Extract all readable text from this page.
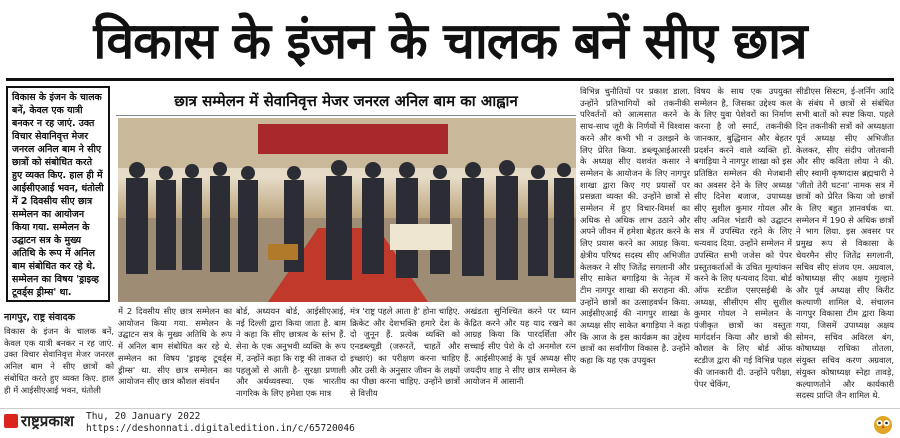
विकास के इंजन के चालक बनें सीए छात्र
विकास के इंजन के चालक बनें, केवल एक यात्री बनकर न रह जाएं. उक्त विचार सेवानिवृत्त मेजर जनरल अनिल बाम ने सीए छात्रों को संबोधित करते हुए व्यक्त किए. हाल ही में आईसीएआई भवन, धंतोली में 2 दिवसीय सीए छात्र सम्मेलन का आयोजन किया गया. सम्मेलन के उद्घाटन सत्र के मुख्य अतिथि के रूप में अनिल बाम संबोधित कर रहे थे. सम्मेलन का विषय 'ड्राइव्ह टूवर्ड्स ड्रीम्स' था.
छात्र सम्मेलन में सेवानिवृत्त मेजर जनरल अनिल बाम का आह्वान
नागपुर, राष्ट्र संवादक
विकास के इंजन के चालक बनें, केवल एक यात्री बनकर न रह जाएं. उक्त विचार सेवानिवृत्त मेजर जनरल अनिल बाम ने सीए छात्रों को संबोधित करते हुए व्यक्त किए. हाल ही में आईसीएआई भवन, धंतोली
में 2 दिवसीय सीए छात्र सम्मेलन का आयोजन किया गया. सम्मेलन के उद्घाटन सत्र के मुख्य अतिथि के रूप में अनिल बाम संबोधित कर रहे थे. सम्मेलन का विषय 'ड्राइव्ह टूवर्ड्स ड्रीम्स' था. सीए छात्र सम्मेलन का आयोजन सीए छात्र कौशल संवर्धन
बोर्ड, अध्ययन बोर्ड, आईसीएआई, नई दिल्ली द्वारा किया जाता है. बाम ने कहा कि सीए छात्रत्व के स्तंभ हैं. सेना के एक अनुभवी व्यक्ति के रूप में, उन्होंने कहा कि राष्ट्र की ताकत दो पहलुओं से आती है- सुरक्षा प्रणाली और अर्थव्यवस्था. एक भारतीय नागरिक के लिए हमेशा एक मात्र
मंत्र 'राष्ट्र पहले आता है' होना चाहिए. क्रिकेट और देशभक्ति हमारे देश के दो जुनून हैं. प्रत्येक व्यक्ति को एनडब्ल्यूडी (जरूरतें, चाहतें और इच्छाएं) का परीक्षण करना चाहिए और उसी के अनुसार जीवन के लक्ष्यों का पीछा करना चाहिए. उन्होंने छात्रों से वित्तीय
अखंडता सुनिश्चित करने पर ध्यान केंद्रित करने और यह याद रखने का आग्रह किया कि पारदर्शिता और सच्चाई सीए पेशे के दो अनमोल रत्न हैं. आईसीएआई के पूर्व अध्यक्ष सीए जयदीप शाह ने सीए छात्र सम्मेलन के आयोजन में आसानी
विभिन्न चुनौतियों पर प्रकाश डाला. उन्होंने प्रतिभागियों को तकनीकी परिवर्तनों को आत्मसात करने के साथ-साथ जूरी के निर्णयों में विश्वास करने और कभी भी न उलझने के लिए प्रेरित किया. डब्ल्यूआईआरसी के अध्यक्ष सीए यशवंत कसार ने सम्मेलन के आयोजन के लिए नागपुर शाखा द्वारा किए गए प्रयासों पर प्रसन्नता व्यक्त की. उन्होंने छात्रों से सम्मेलन में हुए विचार-विमर्श का अधिक से अधिक लाभ उठाने और अपने जीवन में हमेशा बेहतर करने के लिए प्रयास करने का आग्रह किया. क्षेत्रीय परिषद सदस्य सीए अभिजीत केलकर ने सीए जितेंद्र सगलानी और सीए साकेत बगाड़िया के नेतृत्व में टीम नागपुर शाखा की सराहना की. उन्होंने छात्रों का उत्साहवर्धन किया. आईसीएआई की नागपुर शाखा के अध्यक्ष सीए साकेत बगाड़िया ने कहा कि आज के इस कार्यक्रम का उद्देश्य छात्रों का सर्वांगीण विकास है. उन्होंने कहा कि यह एक उपयुक्त
विषय के साथ एक उपयुक्त सम्मेलन है, जिसका उद्देश्य कल के लिए युवा पेशेवरों का निर्माण करना है जो स्मार्ट, तकनीकी जानकार, बुद्धिमान और बेहतर प्रदर्शन करने वाले व्यक्ति हों. बगाड़िया ने नागपुर शाखा को इस प्रतिष्ठित सम्मेलन की मेजबानी का अवसर देने के लिए अध्यक्ष सीए दिनेश बजाज, उपाध्यक्ष सीए सुशील कुमार गोयल और सीए अनिल भंडारी को उद्घाटन सत्र में उपस्थित रहने के लिए धन्यवाद दिया. उन्होंने सम्मेलन में उपस्थित सभी जजेस को पेपर प्रस्तुतकर्ताओं के उचित मूल्यांकन करने के लिए धन्यवाद दिया. बोर्ड ऑफ स्टडीज एसएसईबी के अध्यक्ष, सीसीएम सीए सुशील कुमार गोयल ने सम्मेलन के पंजीकृत छात्रों का वस्तुतः मार्गदर्शन किया और छात्रों की कौशल के लिए बोर्ड ऑफ स्टडीज द्वारा की गई विभिन्न पहल की जानकारी दी. उन्होंने परीक्षा, पेपर चेकिंग,
सीडीएस सिस्टम, ई-लर्निंग आदि के संबंध में छात्रों से संबंधित सभी बातों को स्पष्ट किया. पहले दिन तकनीकी सत्रों को अध्यक्षता पूर्व अध्यक्ष सीए अभिजीत केलकर, सीए संदीप जोतवानी और सीए कविता लोया ने की. सीए स्वामी कृष्णदास ब्रह्मचारी ने 'जीतो तेरी घटना' नामक सत्र में छात्रों को प्रेरित किया जो छात्रों के लिए बहुत ज्ञानवर्धक था. सम्मेलन में 190 से अधिक छात्रों ने भाग लिया. इस अवसर पर प्रमुख रूप से विकासा के चेयरमैन सीए जितेंद्र सगलानी, सचिव सीए संजय एम. अग्रवाल, कोषाध्यक्ष सीए अक्षय गुल्हाने और पूर्व अध्यक्ष सीए किरीट कल्याणी शामिल थे. संचालन नागपुर विकासा टीम द्वारा किया गया, जिसमें उपाध्यक्ष अक्षय सोमन, सचिव अविरल बंग, कोषाध्यक्ष राधिका तोतला, संयुक्त सचिव करण अग्रवाल, संयुक्त कोषाध्यक्ष स्नेहा तावड़े, कल्याणतोने और कार्यकारी सदस्य प्राप्ति जैन शामिल थे.
राष्ट्रप्रकाश Thu, 20 January 2022
https://deshonnati.digitaledition.in/c/65720046
